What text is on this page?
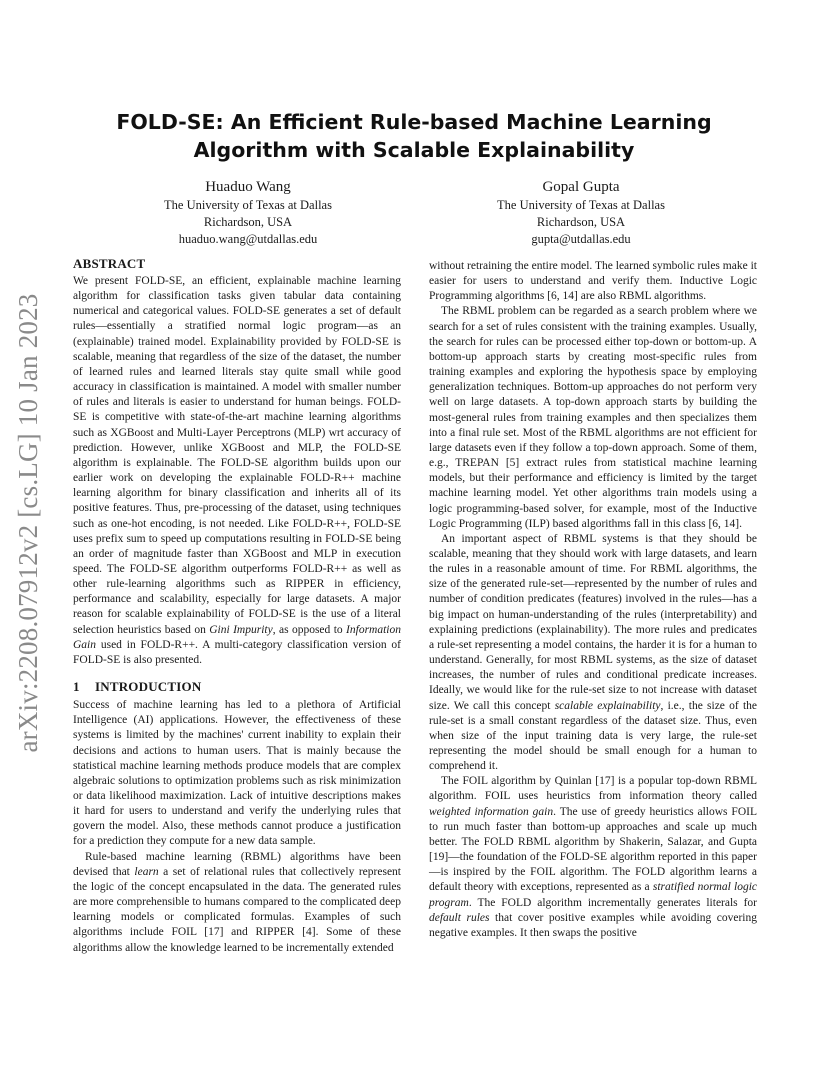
arXiv:2208.07912v2 [cs.LG] 10 Jan 2023
FOLD-SE: An Efficient Rule-based Machine Learning Algorithm with Scalable Explainability
Huaduo Wang
The University of Texas at Dallas
Richardson, USA
huaduo.wang@utdallas.edu
Gopal Gupta
The University of Texas at Dallas
Richardson, USA
gupta@utdallas.edu
ABSTRACT

We present FOLD-SE, an efficient, explainable machine learning algorithm for classification tasks given tabular data containing numerical and categorical values. FOLD-SE generates a set of default rules—essentially a stratified normal logic program—as an (explainable) trained model. Explainability provided by FOLD-SE is scalable, meaning that regardless of the size of the dataset, the number of learned rules and learned literals stay quite small while good accuracy in classification is maintained. A model with smaller number of rules and literals is easier to understand for human beings. FOLD-SE is competitive with state-of-the-art machine learning algorithms such as XGBoost and Multi-Layer Perceptrons (MLP) wrt accuracy of prediction. However, unlike XGBoost and MLP, the FOLD-SE algorithm is explainable. The FOLD-SE algorithm builds upon our earlier work on developing the explainable FOLD-R++ machine learning algorithm for binary classification and inherits all of its positive features. Thus, pre-processing of the dataset, using techniques such as one-hot encoding, is not needed. Like FOLD-R++, FOLD-SE uses prefix sum to speed up computations resulting in FOLD-SE being an order of magnitude faster than XGBoost and MLP in execution speed. The FOLD-SE algorithm outperforms FOLD-R++ as well as other rule-learning algorithms such as RIPPER in efficiency, performance and scalability, especially for large datasets. A major reason for scalable explainability of FOLD-SE is the use of a literal selection heuristics based on Gini Impurity, as opposed to Information Gain used in FOLD-R++. A multi-category classification version of FOLD-SE is also presented.

1 INTRODUCTION

Success of machine learning has led to a plethora of Artificial Intelligence (AI) applications. However, the effectiveness of these systems is limited by the machines' current inability to explain their decisions and actions to human users. That is mainly because the statistical machine learning methods produce models that are complex algebraic solutions to optimization problems such as risk minimization or data likelihood maximization. Lack of intuitive descriptions makes it hard for users to understand and verify the underlying rules that govern the model. Also, these methods cannot produce a justification for a prediction they compute for a new data sample.

Rule-based machine learning (RBML) algorithms have been devised that learn a set of relational rules that collectively represent the logic of the concept encapsulated in the data. The generated rules are more comprehensible to humans compared to the complicated deep learning models or complicated formulas. Examples of such algorithms include FOIL [17] and RIPPER [4]. Some of these algorithms allow the knowledge learned to be incrementally extended

without retraining the entire model. The learned symbolic rules make it easier for users to understand and verify them. Inductive Logic Programming algorithms [6, 14] are also RBML algorithms.

The RBML problem can be regarded as a search problem where we search for a set of rules consistent with the training examples. Usually, the search for rules can be processed either top-down or bottom-up. A bottom-up approach starts by creating most-specific rules from training examples and exploring the hypothesis space by employing generalization techniques. Bottom-up approaches do not perform very well on large datasets. A top-down approach starts by building the most-general rules from training examples and then specializes them into a final rule set. Most of the RBML algorithms are not efficient for large datasets even if they follow a top-down approach. Some of them, e.g., TREPAN [5] extract rules from statistical machine learning models, but their performance and efficiency is limited by the target machine learning model. Yet other algorithms train models using a logic programming-based solver, for example, most of the Inductive Logic Programming (ILP) based algorithms fall in this class [6, 14].

An important aspect of RBML systems is that they should be scalable, meaning that they should work with large datasets, and learn the rules in a reasonable amount of time. For RBML algorithms, the size of the generated rule-set—represented by the number of rules and number of condition predicates (features) involved in the rules—has a big impact on human-understanding of the rules (interpretability) and explaining predictions (explainability). The more rules and predicates a rule-set representing a model contains, the harder it is for a human to understand. Generally, for most RBML systems, as the size of dataset increases, the number of rules and conditional predicate increases. Ideally, we would like for the rule-set size to not increase with dataset size. We call this concept scalable explainability, i.e., the size of the rule-set is a small constant regardless of the dataset size. Thus, even when size of the input training data is very large, the rule-set representing the model should be small enough for a human to comprehend it.

The FOIL algorithm by Quinlan [17] is a popular top-down RBML algorithm. FOIL uses heuristics from information theory called weighted information gain. The use of greedy heuristics allows FOIL to run much faster than bottom-up approaches and scale up much better. The FOLD RBML algorithm by Shakerin, Salazar, and Gupta [19]—the foundation of the FOLD-SE algorithm reported in this paper—is inspired by the FOIL algorithm. The FOLD algorithm learns a default theory with exceptions, represented as a stratified normal logic program. The FOLD algorithm incrementally generates literals for default rules that cover positive examples while avoiding covering negative examples. It then swaps the positive
